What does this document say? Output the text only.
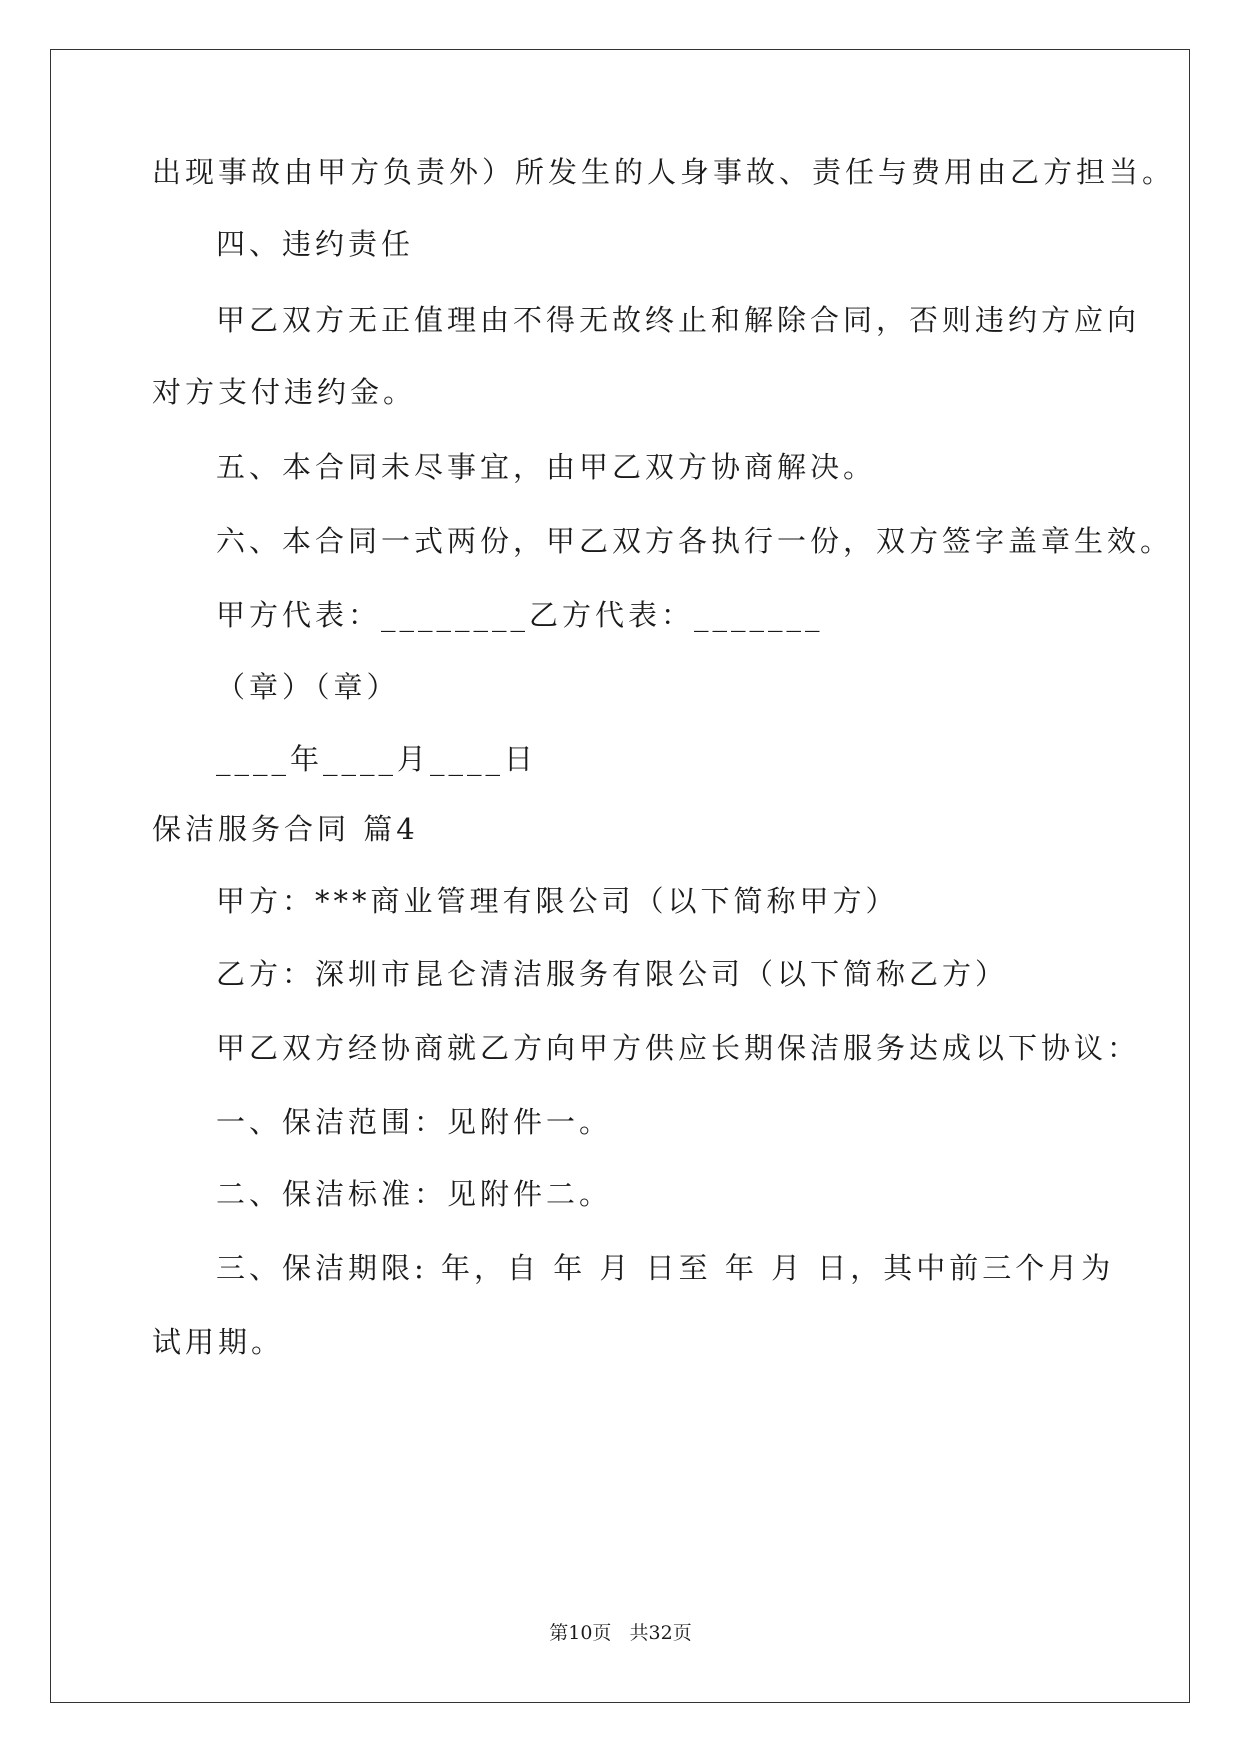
出现事故由甲方负责外）所发生的人身事故、责任与费用由乙方担当。
四、违约责任
甲乙双方无正值理由不得无故终止和解除合同，否则违约方应向
对方支付违约金。
五、本合同未尽事宜，由甲乙双方协商解决。
六、本合同一式两份，甲乙双方各执行一份，双方签字盖章生效。
甲方代表：________乙方代表：_______
（章）（章）
____年____月____日
保洁服务合同 篇4
甲方：***商业管理有限公司（以下简称甲方）
乙方：深圳市昆仑清洁服务有限公司（以下简称乙方）
甲乙双方经协商就乙方向甲方供应长期保洁服务达成以下协议：
一、保洁范围：见附件一。
二、保洁标准：见附件二。
三、保洁期限: 年，自 年 月 日至 年 月 日，其中前三个月为
试用期。
第10页   共32页
